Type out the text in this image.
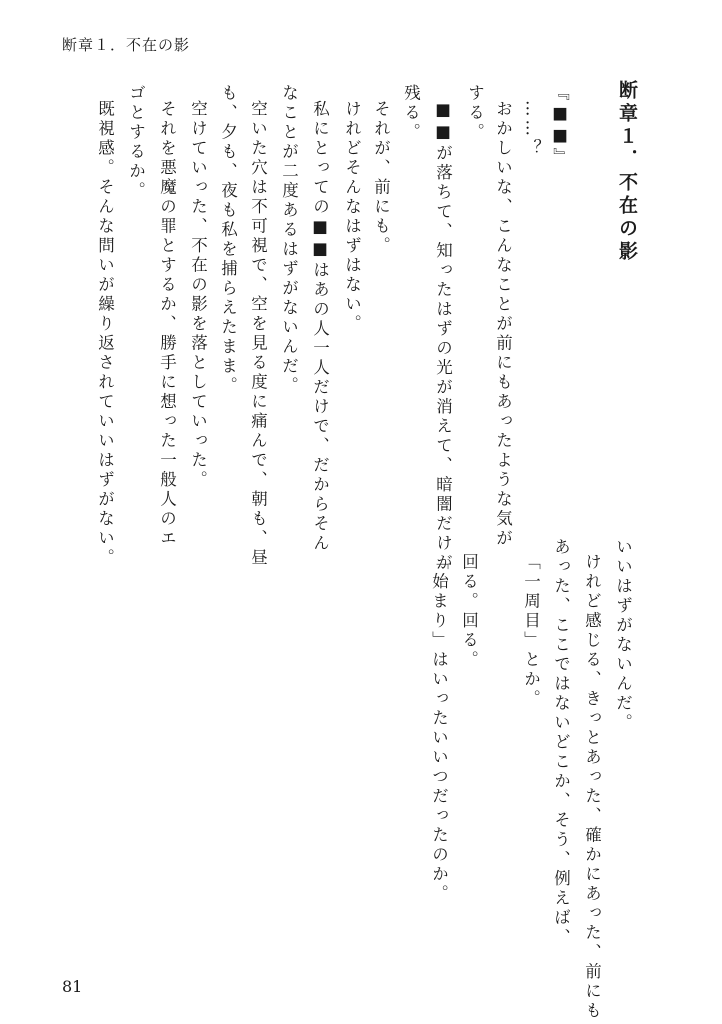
断章１．不在の影
断章１．不在の影

『■■』

……？

おかしいな、こんなことが前にもあったような気が

する。

■■が落ちて、知ったはずの光が消えて、暗闇だけが

残る。

それが、前にも。

けれどそんなはずはない。

私にとっての■■はあの人一人だけで、だからそん

なことが二度あるはずがないんだ。

空いた穴は不可視で、空を見る度に痛んで、朝も、昼

も、夕も、夜も私を捕らえたまま。

空けていった、不在の影を落としていった。

それを悪魔の罪とするか、勝手に想った一般人のエ

ゴとするか。

既視感。そんな問いが繰り返されていいはずがない。

いいはずがないんだ。

けれど感じる、きっとあった、確かにあった、前にも

あった、ここではないどこか、そう、例えば、

「一周目」とか。

回る。回る。

「始まり」はいったいいつだったのか。

81
